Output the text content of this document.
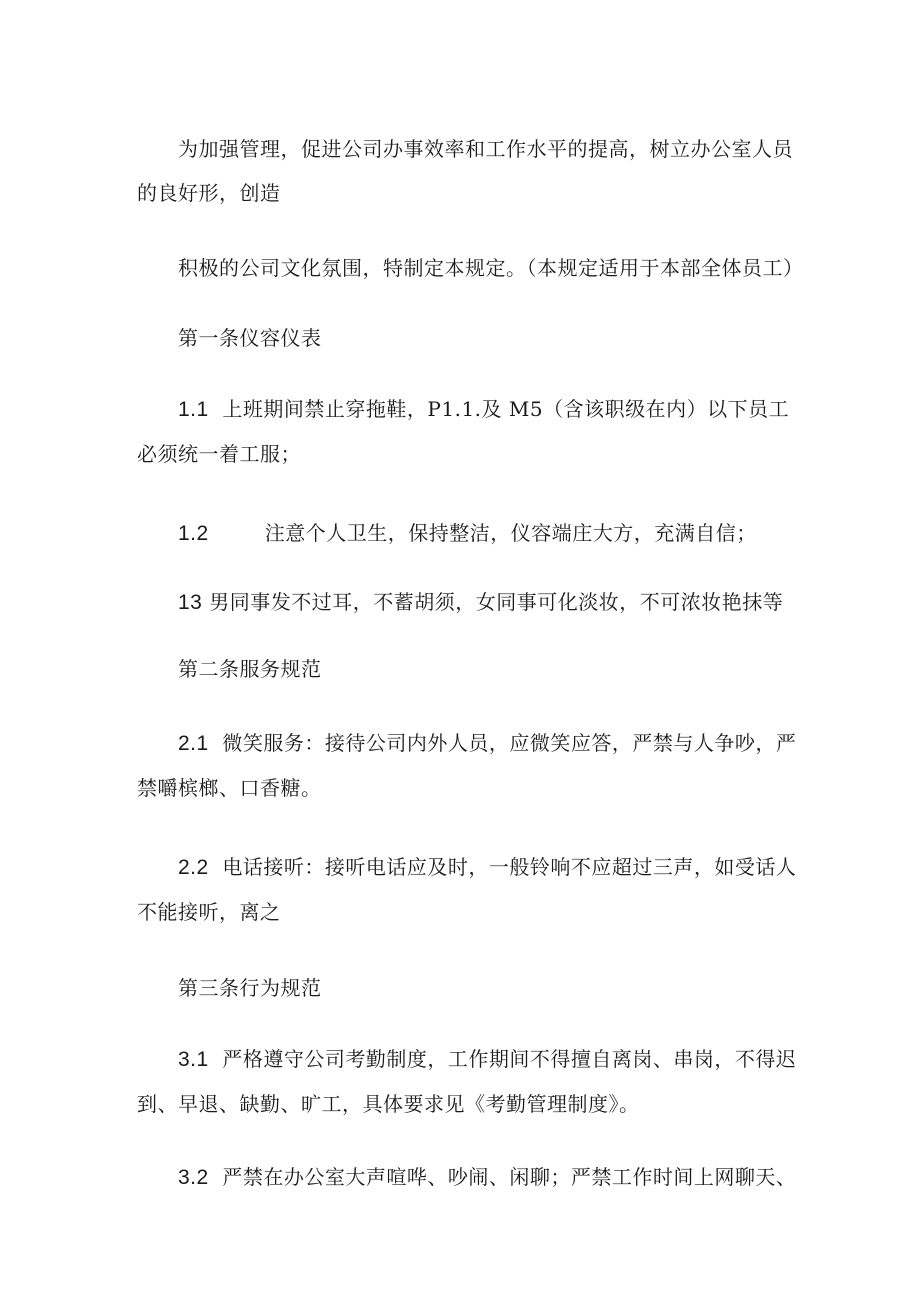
为加强管理，促进公司办事效率和工作水平的提高，树立办公室人员
的良好形，创造
积极的公司文化氛围，特制定本规定。（本规定适用于本部全体员工）

第一条仪容仪表

1.1 上班期间禁止穿拖鞋，P1.1.及 M5（含该职级在内）以下员工
必须统一着工服；
1.2	注意个人卫生，保持整洁，仪容端庄大方，充满自信；
13 男同事发不过耳，不蓄胡须，女同事可化淡妆，不可浓妆艳抹等

第二条服务规范

2.1 微笑服务：接待公司内外人员，应微笑应答，严禁与人争吵，严
禁嚼槟榔、口香糖。
2.2 电话接听：接听电话应及时，一般铃响不应超过三声，如受话人
不能接听，离之

第三条行为规范

3.1 严格遵守公司考勤制度，工作期间不得擅自离岗、串岗，不得迟
到、早退、缺勤、旷工，具体要求见《考勤管理制度》。
3.2 严禁在办公室大声喧哗、吵闹、闲聊；严禁工作时间上网聊天、
